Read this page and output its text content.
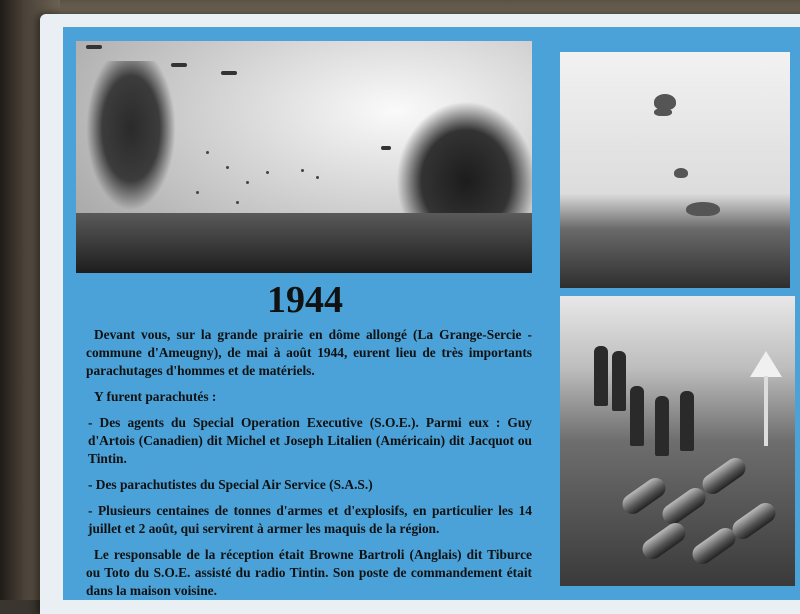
1944

Devant vous, sur la grande prairie en dôme allongé (La Grange-Sercie - commune d'Ameugny), de mai à août 1944, eurent lieu de très importants parachutages d'hommes et de matériels.

Y furent parachutés :

- Des agents du Special Operation Executive (S.O.E.). Parmi eux : Guy d'Artois (Canadien) dit Michel et Joseph Litalien (Américain) dit Jacquot ou Tintin.

- Des parachutistes du Special Air Service (S.A.S.)

- Plusieurs centaines de tonnes d'armes et d'explosifs, en particulier les 14 juillet et 2 août, qui servirent à armer les maquis de la région.

Le responsable de la réception était Browne Bartroli (Anglais) dit Tiburce ou Toto du S.O.E. assisté du radio Tintin. Son poste de commandement était dans la maison voisine.
